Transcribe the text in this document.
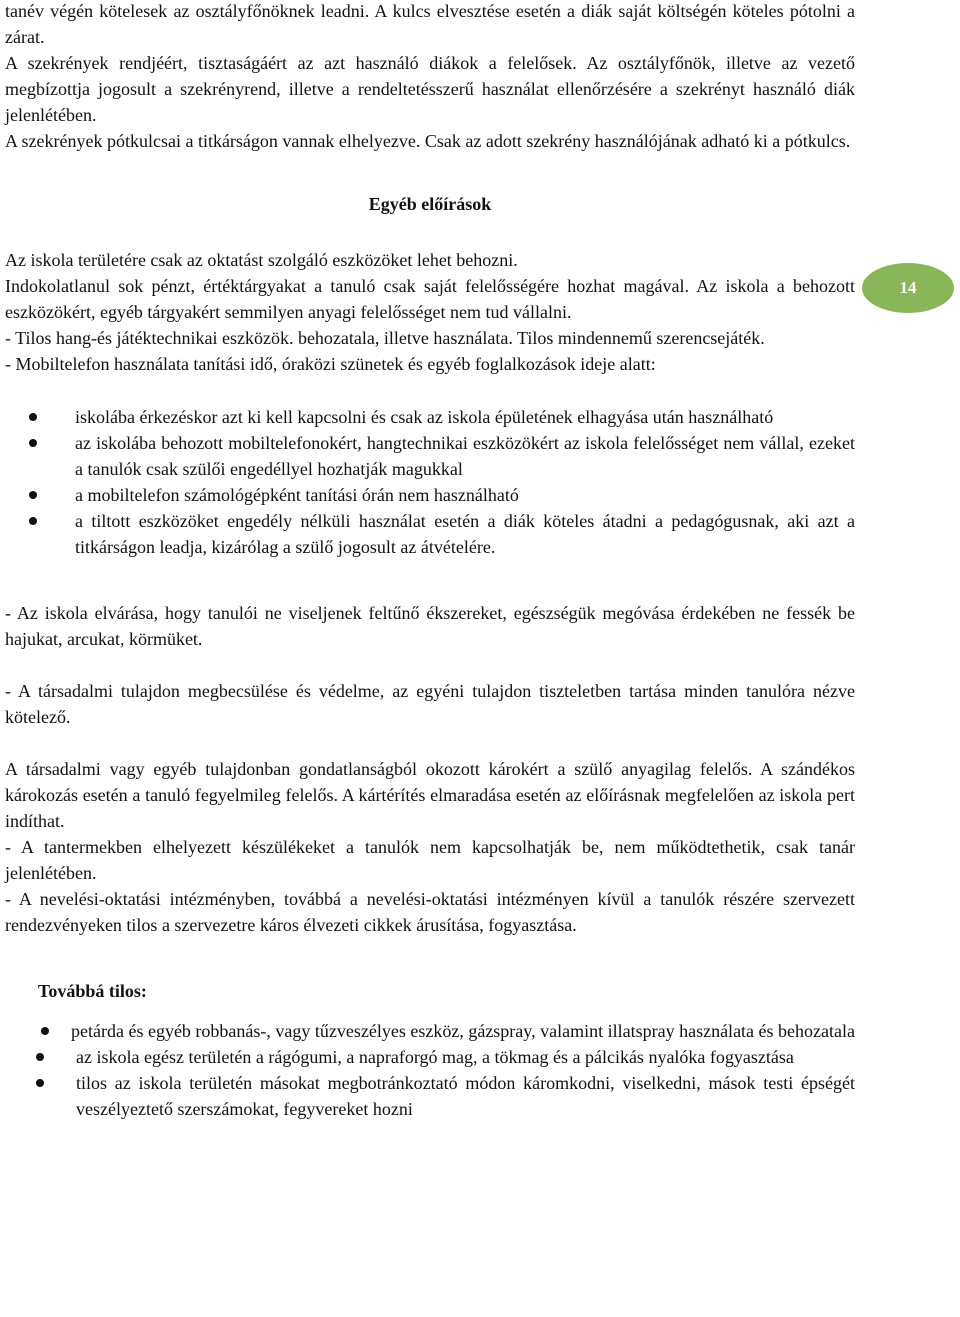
14

tanév végén kötelesek az osztályfőnöknek leadni. A kulcs elvesztése esetén a diák saját költségén köteles pótolni a zárat.

A szekrények rendjéért, tisztaságáért az azt használó diákok a felelősek. Az osztályfőnök, illetve az vezető megbízottja jogosult a szekrényrend, illetve a rendeltetésszerű használat ellenőrzésére a szekrényt használó diák jelenlétében.

A szekrények pótkulcsai a titkárságon vannak elhelyezve. Csak az adott szekrény használójának adható ki a pótkulcs.

Egyéb előírások

Az iskola területére csak az oktatást szolgáló eszközöket lehet behozni.

Indokolatlanul sok pénzt, értéktárgyakat a tanuló csak saját felelősségére hozhat magával. Az iskola a behozott eszközökért, egyéb tárgyakért semmilyen anyagi felelősséget nem tud vállalni.

- Tilos hang-és játéktechnikai eszközök. behozatala, illetve használata. Tilos mindennemű szerencsejáték.

- Mobiltelefon használata tanítási idő, óraközi szünetek és egyéb foglalkozások ideje alatt:

iskolába érkezéskor azt ki kell kapcsolni és csak az iskola épületének elhagyása után használható
az iskolába behozott mobiltelefonokért, hangtechnikai eszközökért az iskola felelősséget nem vállal, ezeket a tanulók csak szülői engedéllyel hozhatják magukkal
a mobiltelefon számológépként tanítási órán nem használható
a tiltott eszközöket engedély nélküli használat esetén a diák köteles átadni a pedagógusnak, aki azt a titkárságon leadja, kizárólag a szülő jogosult az átvételére.

- Az iskola elvárása, hogy tanulói ne viseljenek feltűnő ékszereket, egészségük megóvása érdekében ne fessék be hajukat, arcukat, körmüket.

- A társadalmi tulajdon megbecsülése és védelme, az egyéni tulajdon tiszteletben tartása minden tanulóra nézve kötelező.

A társadalmi vagy egyéb tulajdonban gondatlanságból okozott károkért a szülő anyagilag felelős. A szándékos károkozás esetén a tanuló fegyelmileg felelős. A kártérítés elmaradása esetén az előírásnak megfelelően az iskola pert indíthat.

- A tantermekben elhelyezett készülékeket a tanulók nem kapcsolhatják be, nem működtethetik, csak tanár jelenlétében.

- A nevelési-oktatási intézményben, továbbá a nevelési-oktatási intézményen kívül a tanulók részére szervezett rendezvényeken tilos a szervezetre káros élvezeti cikkek árusítása, fogyasztása.

Továbbá tilos:
petárda és egyéb robbanás-, vagy tűzveszélyes eszköz, gázspray, valamint illatspray használata és behozatala
az iskola egész területén a rágógumi, a napraforgó mag, a tökmag és a pálcikás nyalóka fogyasztása
tilos az iskola területén másokat megbotránkoztató módon káromkodni, viselkedni, mások testi épségét veszélyeztető szerszámokat, fegyvereket hozni
